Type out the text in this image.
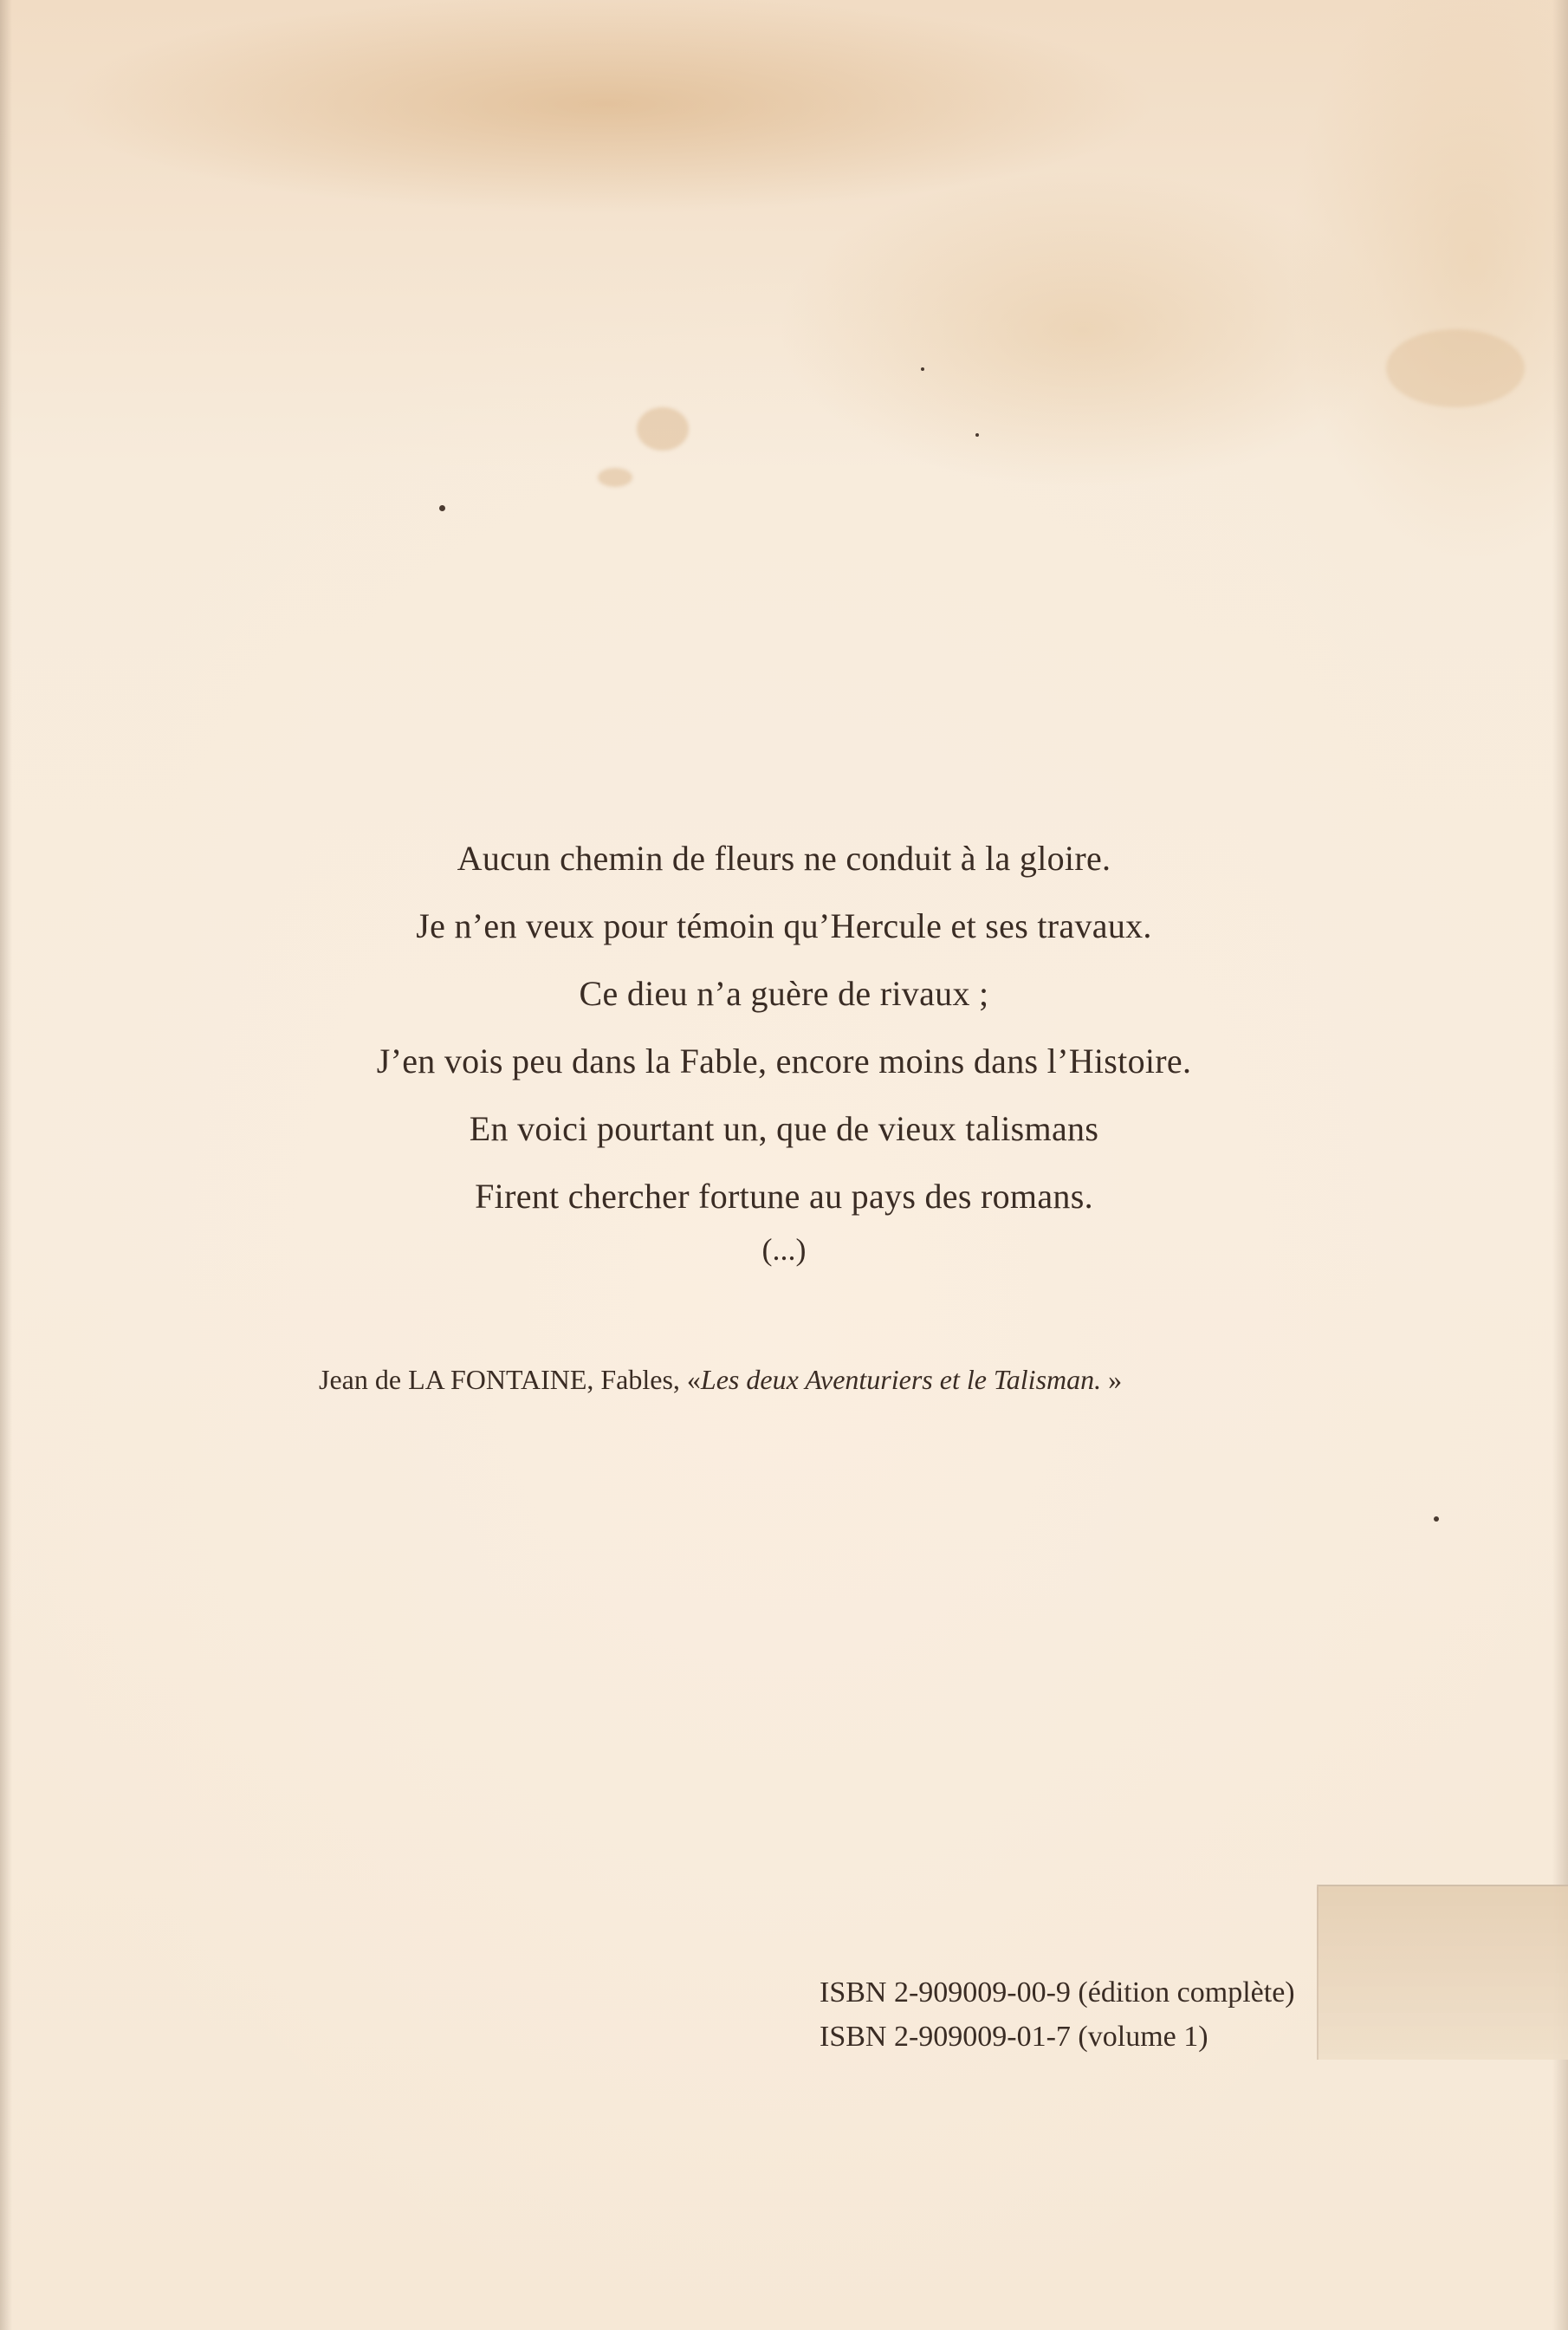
Aucun chemin de fleurs ne conduit à la gloire.
Je n’en veux pour témoin qu’Hercule et ses travaux.
Ce dieu n’a guère de rivaux ;
J’en vois peu dans la Fable, encore moins dans l’Histoire.
En voici pourtant un, que de vieux talismans
Firent chercher fortune au pays des romans.
(...)
Jean de LA FONTAINE, Fables, «Les deux Aventuriers et le Talisman. »
ISBN 2-909009-00-9 (édition complète)
ISBN 2-909009-01-7 (volume 1)
